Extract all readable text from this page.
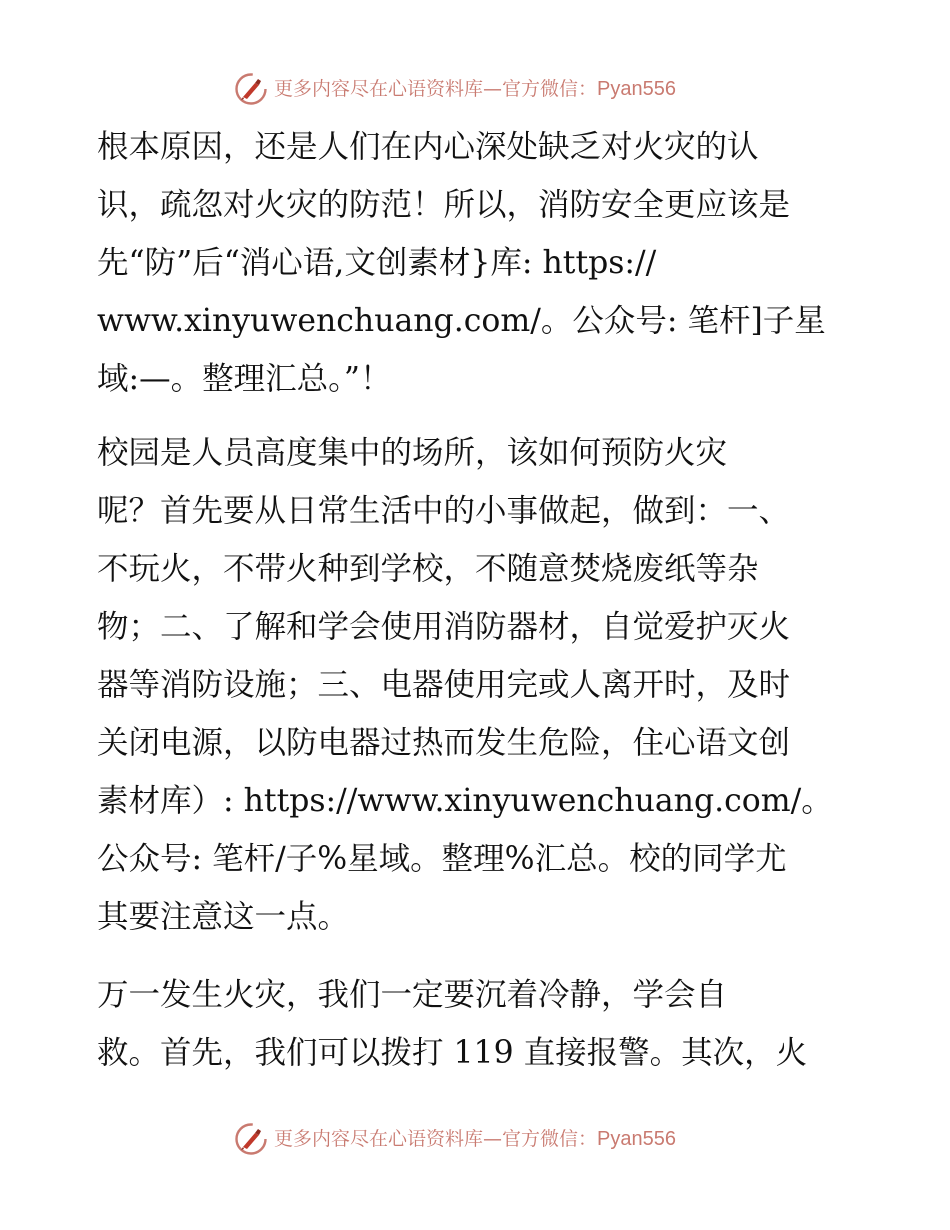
更多内容尽在心语资料库—官方微信：Pyan556
根本原因，还是人们在内心深处缺乏对火灾的认
识，疏忽对火灾的防范！所以，消防安全更应该是
先“防”后“消心语,文创素材}库: https://
www.xinyuwenchuang.com/。公众号: 笔杆]子星
域:—。整理汇总。”！
校园是人员高度集中的场所，该如何预防火灾
呢？首先要从日常生活中的小事做起，做到：一、
不玩火，不带火种到学校，不随意焚烧废纸等杂
物；二、了解和学会使用消防器材，自觉爱护灭火
器等消防设施；三、电器使用完或人离开时，及时
关闭电源，以防电器过热而发生危险，住心语文创
素材库）: https://www.xinyuwenchuang.com/。
公众号: 笔杆/子%星域。整理%汇总。校的同学尤
其要注意这一点。
万一发生火灾，我们一定要沉着冷静，学会自
救。首先，我们可以拨打 119 直接报警。其次，火
更多内容尽在心语资料库—官方微信：Pyan556
